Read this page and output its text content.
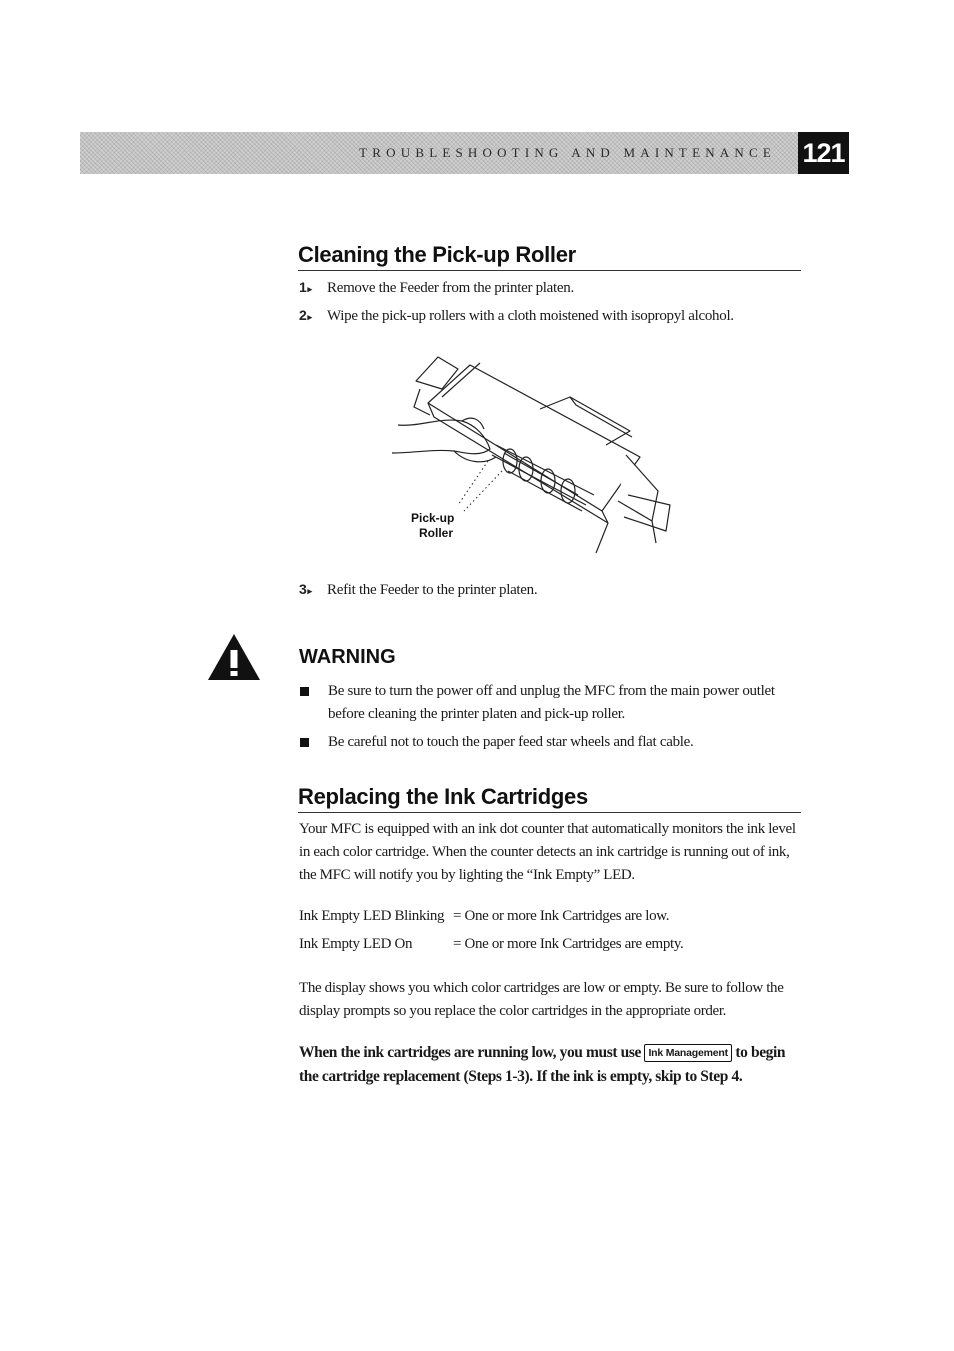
TROUBLESHOOTING AND MAINTENANCE 121
Cleaning the Pick-up Roller
1 ▸ Remove the Feeder from the printer platen.
2 ▸ Wipe the pick-up rollers with a cloth moistened with isopropyl alcohol.
Pick-up
Roller
3 ▸ Refit the Feeder to the printer platen.
WARNING
Be sure to turn the power off and unplug the MFC from the main power outlet before cleaning the printer platen and pick-up roller.
Be careful not to touch the paper feed star wheels and flat cable.
Replacing the Ink Cartridges

Your MFC is equipped with an ink dot counter that automatically monitors the ink level in each color cartridge. When the counter detects an ink cartridge is running out of ink, the MFC will notify you by lighting the “Ink Empty” LED.

Ink Empty LED Blinking = One or more Ink Cartridges are low.
Ink Empty LED On	= One or more Ink Cartridges are empty.

The display shows you which color cartridges are low or empty. Be sure to follow the display prompts so you replace the color cartridges in the appropriate order.

When the ink cartridges are running low, you must use Ink Management to begin the cartridge replacement (Steps 1-3). If the ink is empty, skip to Step 4.
